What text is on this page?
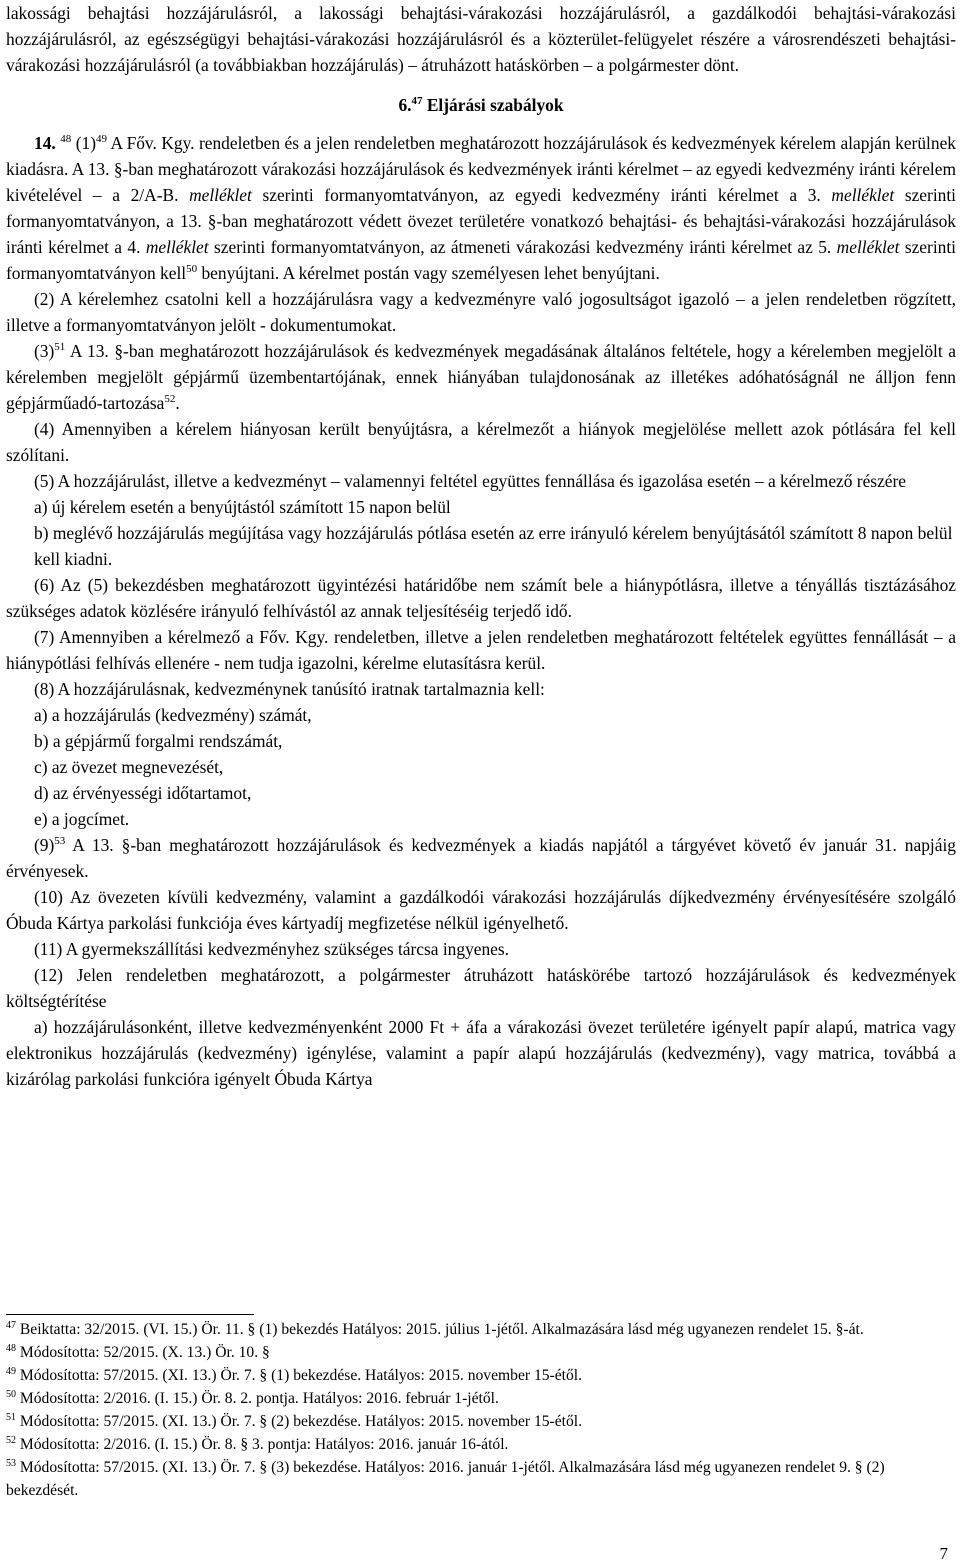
lakossági behajtási hozzájárulásról, a lakossági behajtási-várakozási hozzájárulásról, a gazdálkodói behajtási-várakozási hozzájárulásról, az egészségügyi behajtási-várakozási hozzájárulásról és a közterület-felügyelet részére a városrendészeti behajtási-várakozási hozzájárulásról (a továbbiakban hozzájárulás) – átruházott hatáskörben – a polgármester dönt.

6.47 Eljárási szabályok

14. $^{48}$ $(1)^{49}$ A Főv. Kgy. rendeletben és a jelen rendeletben meghatározott hozzájárulások és kedvezmények kérelem alapján kerülnek kiadásra. A 13. §-ban meghatározott várakozási hozzájárulások és kedvezmények iránti kérelmet – az egyedi kedvezmény iránti kérelem kivételével – a 2/A-B. melléklet szerinti formanyomtatványon, az egyedi kedvezmény iránti kérelmet a 3. melléklet szerinti formanyomtatványon, a 13. §-ban meghatározott védett övezet területére vonatkozó behajtási- és behajtási-várakozási hozzájárulások iránti kérelmet a 4. melléklet szerinti formanyomtatványon, az átmeneti várakozási kedvezmény iránti kérelmet az 5. melléklet szerinti formanyomtatványon kell$^{50}$ benyújtani. A kérelmet postán vagy személyesen lehet benyújtani.

(2) A kérelemhez csatolni kell a hozzájárulásra vagy a kedvezményre való jogosultságot igazoló – a jelen rendeletben rögzített, illetve a formanyomtatványon jelölt - dokumentumokat.

$(3)^{51}$ A 13. §-ban meghatározott hozzájárulások és kedvezmények megadásának általános feltétele, hogy a kérelemben megjelölt a kérelemben megjelölt gépjármű üzembentartójának, ennek hiányában tulajdonosának az illetékes adóhatóságnál ne álljon fenn gépjárműadó-tartozása$^{52}$.

(4) Amennyiben a kérelem hiányosan került benyújtásra, a kérelmezőt a hiányok megjelölése mellett azok pótlására fel kell szólítani.

(5) A hozzájárulást, illetve a kedvezményt – valamennyi feltétel együttes fennállása és igazolása esetén – a kérelmező részére

a) új kérelem esetén a benyújtástól számított 15 napon belül

b) meglévő hozzájárulás megújítása vagy hozzájárulás pótlása esetén az erre irányuló kérelem benyújtásától számított 8 napon belül

kell kiadni.

(6) Az (5) bekezdésben meghatározott ügyintézési határidőbe nem számít bele a hiánypótlásra, illetve a tényállás tisztázásához szükséges adatok közlésére irányuló felhívástól az annak teljesítéséig terjedő idő.

(7) Amennyiben a kérelmező a Főv. Kgy. rendeletben, illetve a jelen rendeletben meghatározott feltételek együttes fennállását – a hiánypótlási felhívás ellenére - nem tudja igazolni, kérelme elutasításra kerül.

(8) A hozzájárulásnak, kedvezménynek tanúsító iratnak tartalmaznia kell:

a) a hozzájárulás (kedvezmény) számát,

b) a gépjármű forgalmi rendszámát,

c) az övezet megnevezését,

d) az érvényességi időtartamot,

e) a jogcímet.

$(9)^{53}$ A 13. §-ban meghatározott hozzájárulások és kedvezmények a kiadás napjától a tárgyévet követő év január 31. napjáig érvényesek.

(10) Az övezeten kívüli kedvezmény, valamint a gazdálkodói várakozási hozzájárulás díjkedvezmény érvényesítésére szolgáló Óbuda Kártya parkolási funkciója éves kártyadíj megfizetése nélkül igényelhető.

(11) A gyermekszállítási kedvezményhez szükséges tárcsa ingyenes.

(12) Jelen rendeletben meghatározott, a polgármester átruházott hatáskörébe tartozó hozzájárulások és kedvezmények költségtérítése

a) hozzájárulásonként, illetve kedvezményenként 2000 Ft + áfa a várakozási övezet területére igényelt papír alapú, matrica vagy elektronikus hozzájárulás (kedvezmény) igénylése, valamint a papír alapú hozzájárulás (kedvezmény), vagy matrica, továbbá a kizárólag parkolási funkcióra igényelt Óbuda Kártya

$^{47}$ Beiktatta: 32/2015. (VI. 15.) Ör. 11. § (1) bekezdés Hatályos: 2015. július 1-jétől. Alkalmazására lásd még ugyanezen rendelet 15. §-át.

$^{48}$ Módosította: 52/2015. (X. 13.) Ör. 10. §

$^{49}$ Módosította: 57/2015. (XI. 13.) Ör. 7. § (1) bekezdése. Hatályos: 2015. november 15-étől.

$^{50}$ Módosította: 2/2016. (I. 15.) Ör. 8. 2. pontja. Hatályos: 2016. február 1-jétől.

$^{51}$ Módosította: 57/2015. (XI. 13.) Ör. 7. § (2) bekezdése. Hatályos: 2015. november 15-étől.

$^{52}$ Módosította: 2/2016. (I. 15.) Ör. 8. § 3. pontja: Hatályos: 2016. január 16-ától.

$^{53}$ Módosította: 57/2015. (XI. 13.) Ör. 7. § (3) bekezdése. Hatályos: 2016. január 1-jétől. Alkalmazására lásd még ugyanezen rendelet 9. § (2) bekezdését.

7
